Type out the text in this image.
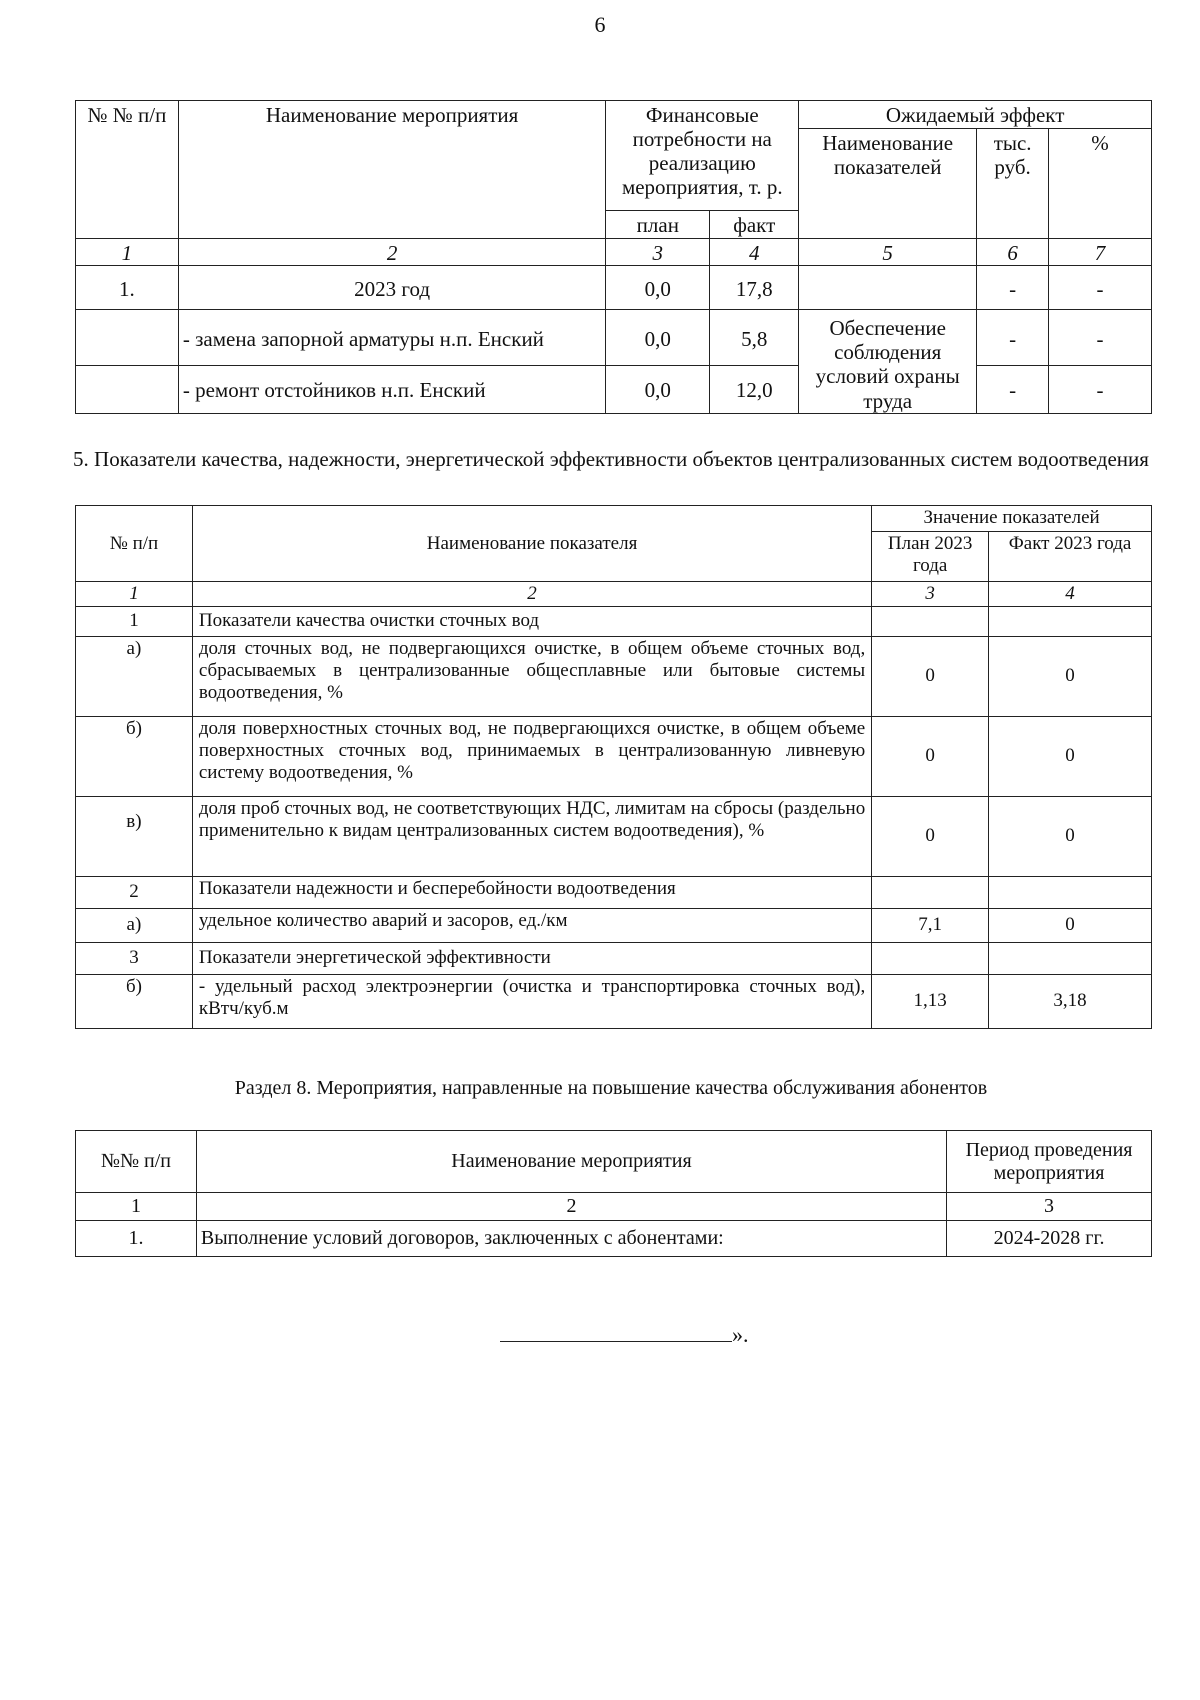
6
№ № п/п	Наименование мероприятия	Финансовые потребности на реализацию мероприятия, т. р.		Ожидаемый эффект		
				Наименование показателей	тыс. руб.	%
		план	факт			
1	2	3	4	5	6	7
1.	2023 год	0,0	17,8		-	-
	- замена запорной арматуры н.п. Енский	0,0	5,8	Обеспечение соблюдения условий охраны труда	-	-
	- ремонт отстойников н.п. Енский	0,0	12,0		-	-
5. Показатели качества, надежности, энергетической эффективности объектов централизованных систем водоотведения
№ п/п	Наименование показателя	Значение показателей	
		План 2023 года	Факт 2023 года
1	2	3	4
1	Показатели качества очистки сточных вод		
а)	доля сточных вод, не подвергающихся очистке, в общем объеме сточных вод, сбрасываемых в централизованные общесплавные или бытовые системы водоотведения, %	0	0
б)	доля поверхностных сточных вод, не подвергающихся очистке, в общем объеме поверхностных сточных вод, принимаемых в централизованную ливневую систему водоотведения, %	0	0
в)	доля проб сточных вод, не соответствующих НДС, лимитам на сбросы (раздельно применительно к видам централизованных систем водоотведения), %	0	0
2	Показатели надежности и бесперебойности водоотведения		
а)	удельное количество аварий и засоров, ед./км	7,1	0
3	Показатели энергетической эффективности		
б)	- удельный расход электроэнергии (очистка и транспортировка сточных вод), кВтч/куб.м	1,13	3,18
Раздел 8. Мероприятия, направленные на повышение качества обслуживания абонентов
№№ п/п	Наименование мероприятия	Период проведения мероприятия
1	2	3
1.	Выполнение условий договоров, заключенных с абонентами:	2024-2028 гг.
».
